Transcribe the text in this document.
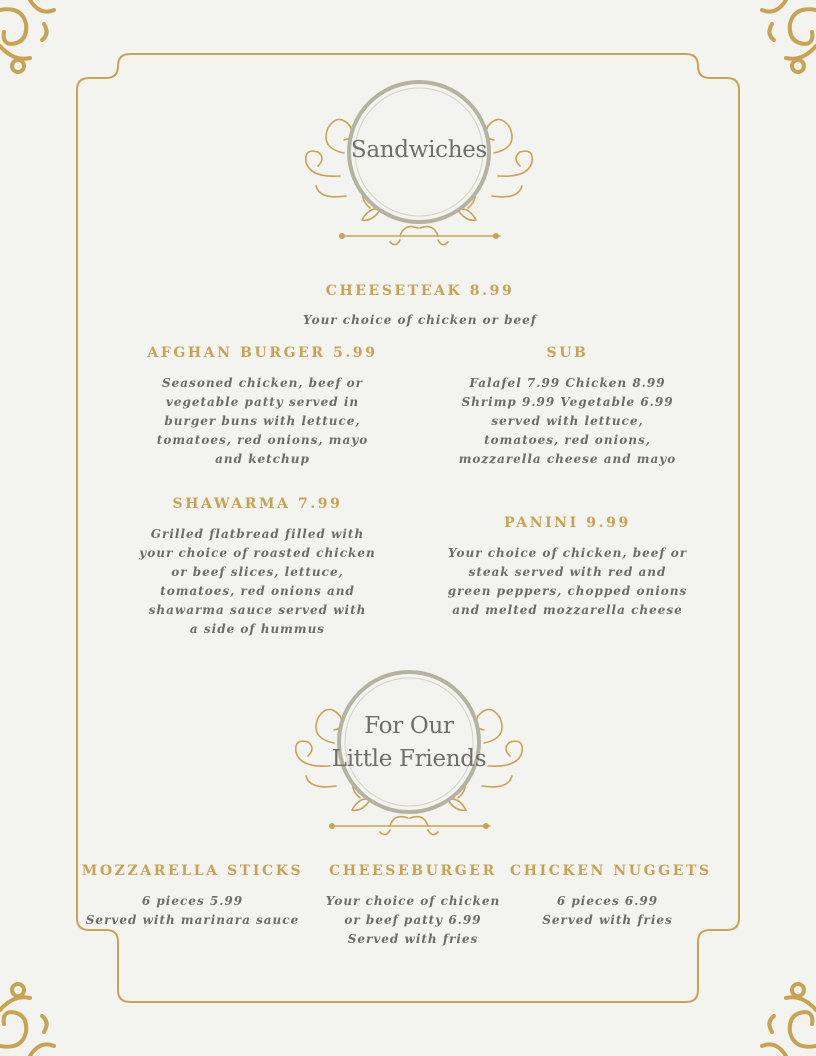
Sandwiches
CHEESETEAK 8.99
Your choice of chicken or beef
AFGHAN BURGER 5.99
Seasoned chicken, beef or
vegetable patty served in
burger buns with lettuce,
tomatoes, red onions, mayo
and ketchup
SUB
Falafel 7.99 Chicken 8.99
Shrimp 9.99 Vegetable 6.99
served with lettuce,
tomatoes, red onions,
mozzarella cheese and mayo
SHAWARMA 7.99
Grilled flatbread filled with
your choice of roasted chicken
or beef slices, lettuce,
tomatoes, red onions and
shawarma sauce served with
a side of hummus
PANINI 9.99
Your choice of chicken, beef or
steak served with red and
green peppers, chopped onions
and melted mozzarella cheese
For Our
Little Friends
MOZZARELLA STICKS
6 pieces 5.99
Served with marinara sauce
CHEESEBURGER
Your choice of chicken
or beef patty 6.99
Served with fries
CHICKEN NUGGETS
6 pieces 6.99
Served with fries
